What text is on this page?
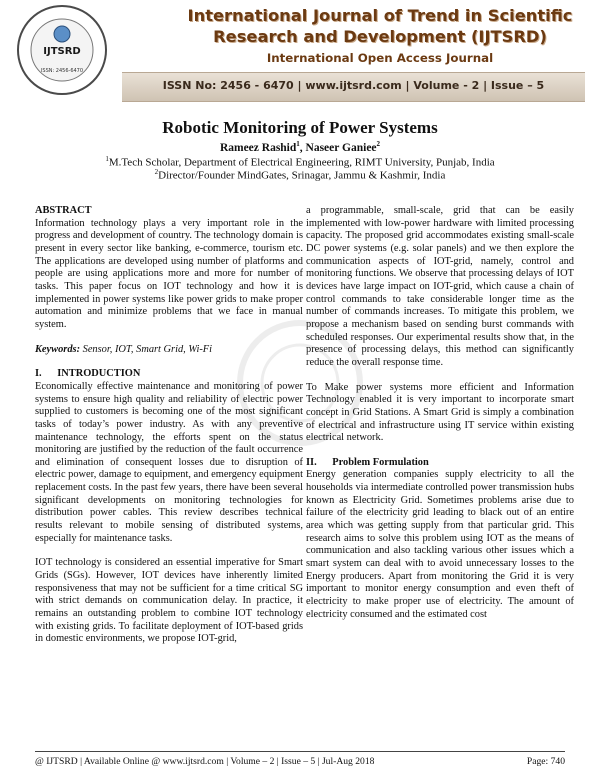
IJTSRD
ISSN: 2456-6470
International Journal of Trend in Scientific
Research and Development (IJTSRD)
International Open Access Journal
ISSN No: 2456 - 6470 | www.ijtsrd.com | Volume - 2 | Issue – 5
Robotic Monitoring of Power Systems
Rameez Rashid$^1$, Naseer Ganiee$^2$
$^1$M.Tech Scholar, Department of Electrical Engineering, RIMT University, Punjab, India
$^2$Director/Founder MindGates, Srinagar, Jammu & Kashmir, India

ABSTRACT

Information technology plays a very important role in the progress and development of country. The technology domain is present in every sector like banking, e-commerce, tourism etc. The applications are developed using number of platforms and people are using applications more and more for number of tasks. This paper focus on IOT technology and how it is implemented in power systems like power grids to make proper automation and minimize problems that we face in manual system.

Keywords: Sensor, IOT, Smart Grid, Wi-Fi

I.      INTRODUCTION

Economically effective maintenance and monitoring of power systems to ensure high quality and reliability of electric power supplied to customers is becoming one of the most significant tasks of today’s power industry. As with any preventive maintenance technology, the efforts spent on the status monitoring are justified by the reduction of the fault occurrence and elimination of consequent losses due to disruption of electric power, damage to equipment, and emergency equipment replacement costs. In the past few years, there have been several significant developments on monitoring technologies for distribution power cables. This review describes technical results relevant to mobile sensing of distributed systems, especially for maintenance tasks.

IOT technology is considered an essential imperative for Smart Grids (SGs). However, IOT devices have inherently limited responsiveness that may not be sufficient for a time critical SG with strict demands on communication delay. In practice, it remains an outstanding problem to combine IOT technology with existing grids. To facilitate deployment of IOT-based grids in domestic environments, we propose IOT-grid,

a programmable, small-scale, grid that can be easily implemented with low-power hardware with limited processing capacity. The proposed grid accommodates existing small-scale DC power systems (e.g. solar panels) and we then explore the communication aspects of IOT-grid, namely, control and monitoring functions. We observe that processing delays of IOT devices have large impact on IOT-grid, which cause a chain of control commands to take considerable longer time as the number of commands increases. To mitigate this problem, we propose a mechanism based on sending burst commands with scheduled responses. Our experimental results show that, in the presence of processing delays, this method can significantly reduce the overall response time.

To Make power systems more efficient and Information Technology enabled it is very important to incorporate smart concept in Grid Stations. A Smart Grid is simply a combination of electrical and infrastructure using IT service within existing electrical network.

II.      Problem Formulation

Energy generation companies supply electricity to all the households via intermediate controlled power transmission hubs known as Electricity Grid. Sometimes problems arise due to failure of the electricity grid leading to black out of an entire area which was getting supply from that particular grid. This research aims to solve this problem using IOT as the means of communication and also tackling various other issues which a smart system can deal with to avoid unnecessary losses to the Energy producers. Apart from monitoring the Grid it is very important to monitor energy consumption and even theft of electricity to make proper use of electricity. The amount of electricity consumed and the estimated cost

@ IJTSRD | Available Online @ www.ijtsrd.com | Volume – 2 | Issue – 5 | Jul-Aug 2018	Page: 740
